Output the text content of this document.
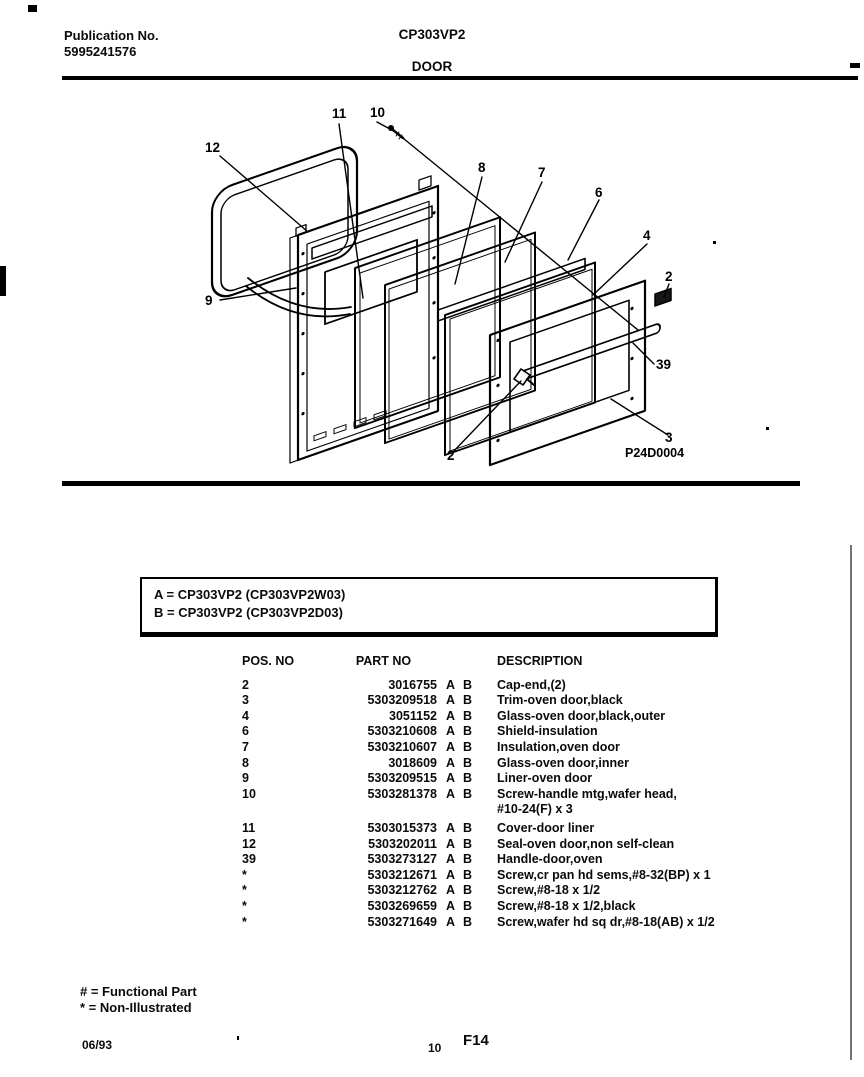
Publication No.
5995241576
CP303VP2
DOOR
12
11 10
9
8	7
6
4
2
39
3
2	P24D0004
A = CP303VP2 (CP303VP2W03)
B = CP303VP2 (CP303VP2D03)
POS. NO	PART NO	DESCRIPTION
2	3016755 A B	Cap-end,(2)
3	5303209518 A B	Trim-oven door,black
4	3051152 A B	Glass-oven door,black,outer
6	5303210608 A B	Shield-insulation
7	5303210607 A B	Insulation,oven door
8	3018609 A B	Glass-oven door,inner
9	5303209515 A B	Liner-oven door
10	5303281378 A B	Screw-handle mtg,wafer head,
#10-24(F) x 3
11	5303015373 A B	Cover-door liner
12	5303202011 A B	Seal-oven door,non self-clean
39	5303273127 A B	Handle-door,oven
*	5303212671 A B	Screw,cr pan hd sems,#8-32(BP) x 1
*	5303212762 A B	Screw,#8-18 x 1/2
*	5303269659 A B	Screw,#8-18 x 1/2,black
*	5303271649 A B	Screw,wafer hd sq dr,#8-18(AB) x 1/2
# = Functional Part
* = Non-Illustrated
06/93	10 F14
